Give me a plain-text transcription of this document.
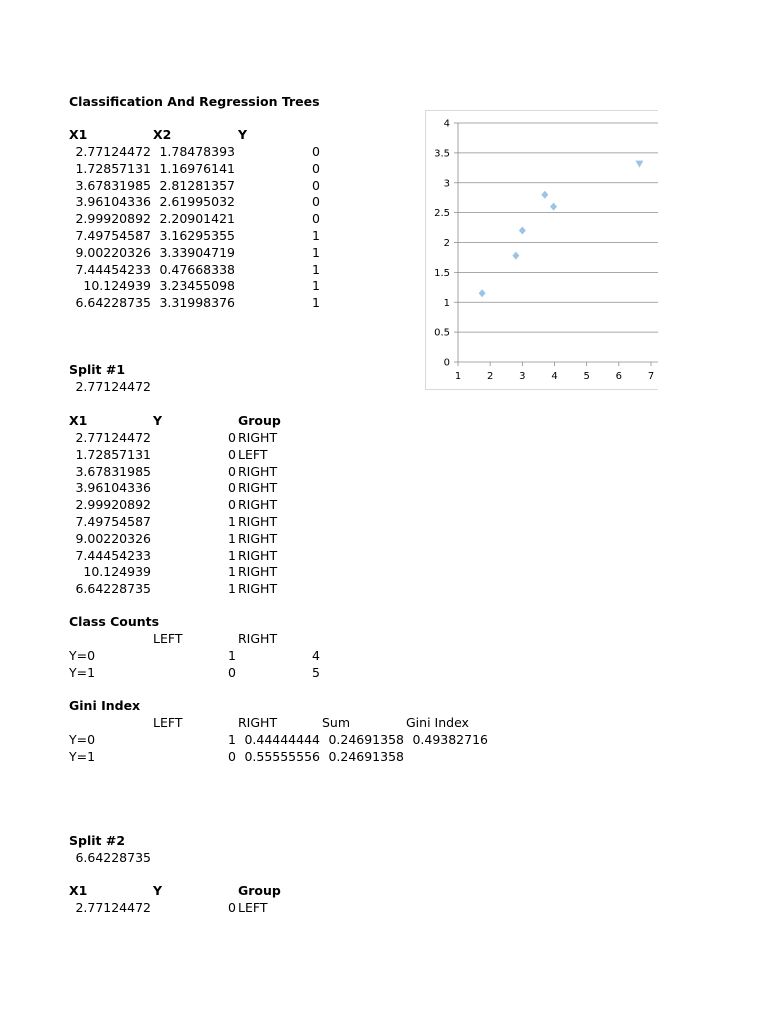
Classification And Regression Trees
X1	X2	Y
2.77124472 1.78478393	0
1.72857131 1.16976141	0
3.67831985 2.81281357	0
3.96104336 2.61995032	0
2.99920892 2.20901421	0
7.49754587 3.16295355	1
9.00220326 3.33904719	1
7.44454233 0.47668338	1
10.124939 3.23455098	1
6.64228735 3.31998376	1
Split #1
2.77124472
X1	Y	Group
2.77124472	0 RIGHT
1.72857131	0 LEFT
3.67831985	0 RIGHT
3.96104336	0 RIGHT
2.99920892	0 RIGHT
7.49754587	1 RIGHT
9.00220326	1 RIGHT
7.44454233	1 RIGHT
10.124939	1 RIGHT
6.64228735	1 RIGHT
Class Counts
LEFT	RIGHT
Y=0	1	4
Y=1	0	5
Gini Index
LEFT	RIGHT	Sum	Gini Index
Y=0	1 0.44444444 0.24691358 0.49382716
Y=1	0 0.55555556 0.24691358
Split #2
6.64228735
X1	Y	Group
2.77124472	0 LEFT
0
0.5
1
1.5
2
2.5
3
3.5
4
1	2	3	4	5	6	7
